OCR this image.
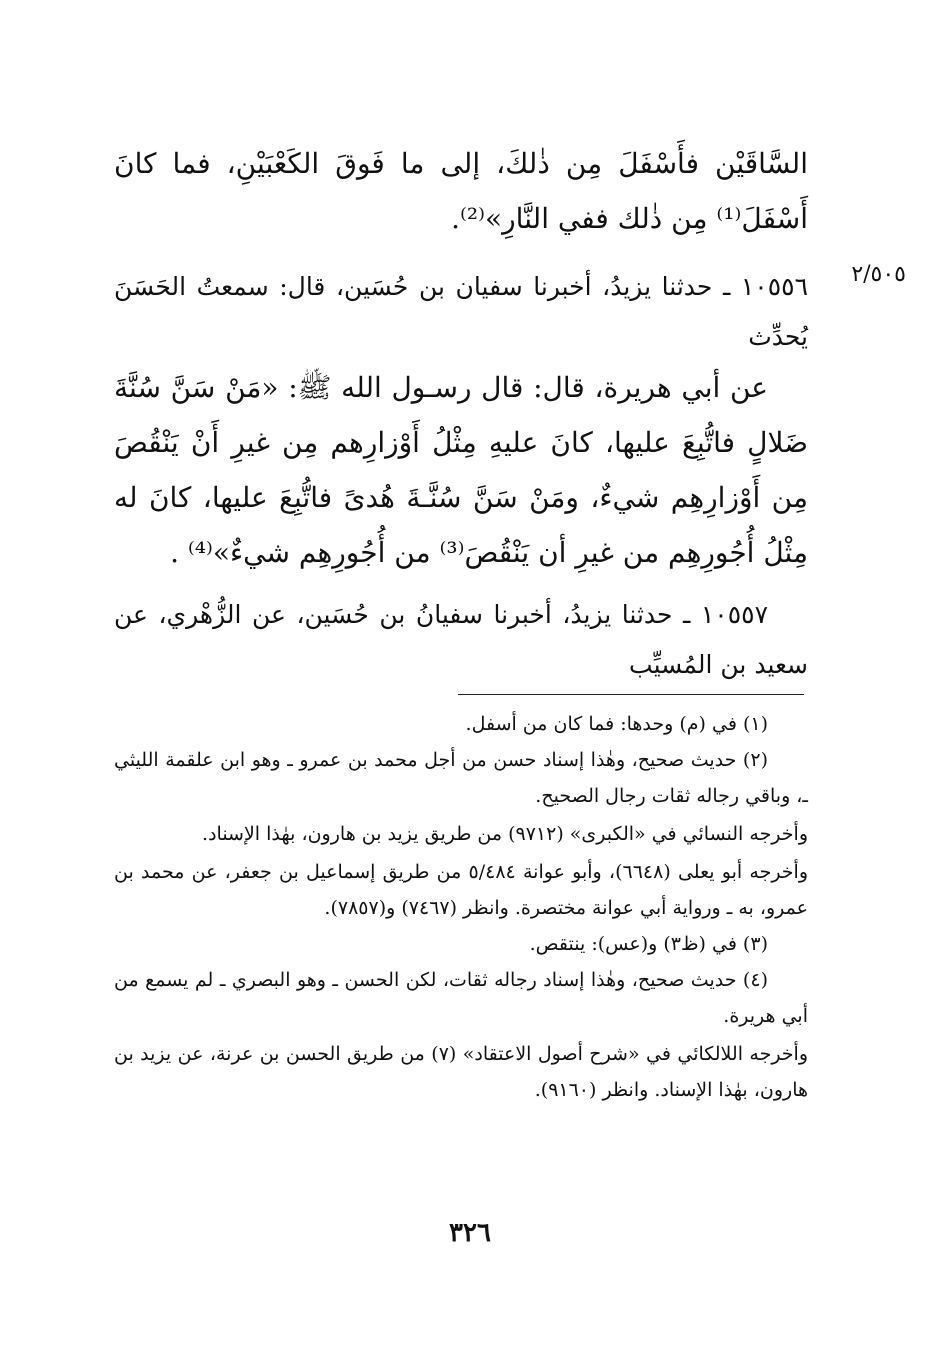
السَّاقَيْن فأَسْفَلَ مِن ذٰلكَ، إلى ما فَوقَ الكَعْبَيْنِ، فما كانَ أَسْفَلَ⁽¹⁾ مِن ذٰلك ففي النَّارِ»⁽²⁾.

٢/٥٠٥

١٠٥٥٦ ـ حدثنا يزيدُ، أخبرنا سفيان بن حُسَين، قال: سمعتُ الحَسَنَ يُحدِّث

عن أبي هريرة، قال: قال رسـول الله ﷺ: «مَنْ سَنَّ سُنَّةَ ضَلالٍ فاتُّبِعَ عليها، كانَ عليهِ مِثْلُ أَوْزارِهم مِن غيرِ أَنْ يَنْقُصَ مِن أَوْزارِهِم شيءٌ، ومَنْ سَنَّ سُنَّـةَ هُدىً فاتُّبِعَ عليها، كانَ له مِثْلُ أُجُورِهِم من غيرِ أن يَنْقُصَ⁽³⁾ من أُجُورِهِم شيءٌ»⁽⁴⁾ .

١٠٥٥٧ ـ حدثنا يزيدُ، أخبرنا سفيانُ بن حُسَين، عن الزُّهْري، عن سعيد بن المُسيِّب

(١) في (م) وحدها: فما كان من أسفل.

(٢) حديث صحيح، وهٰذا إسناد حسن من أجل محمد بن عمرو ـ وهو ابن علقمة الليثي ـ، وباقي رجاله ثقات رجال الصحيح.

وأخرجه النسائي في «الكبرى» (٩٧١٢) من طريق يزيد بن هارون، بهٰذا الإسناد.

وأخرجه أبو يعلى (٦٦٤٨)، وأبو عوانة ٥/٤٨٤ من طريق إسماعيل بن جعفر، عن محمد بن عمرو، به ـ ورواية أبي عوانة مختصرة. وانظر (٧٤٦٧) و(٧٨٥٧).

(٣) في (ظ٣) و(عس): ينتقص.

(٤) حديث صحيح، وهٰذا إسناد رجاله ثقات، لكن الحسن ـ وهو البصري ـ لم يسمع من أبي هريرة.

وأخرجه اللالكائي في «شرح أصول الاعتقاد» (٧) من طريق الحسن بن عرنة، عن يزيد بن هارون، بهٰذا الإسناد. وانظر (٩١٦٠).

٣٢٦
